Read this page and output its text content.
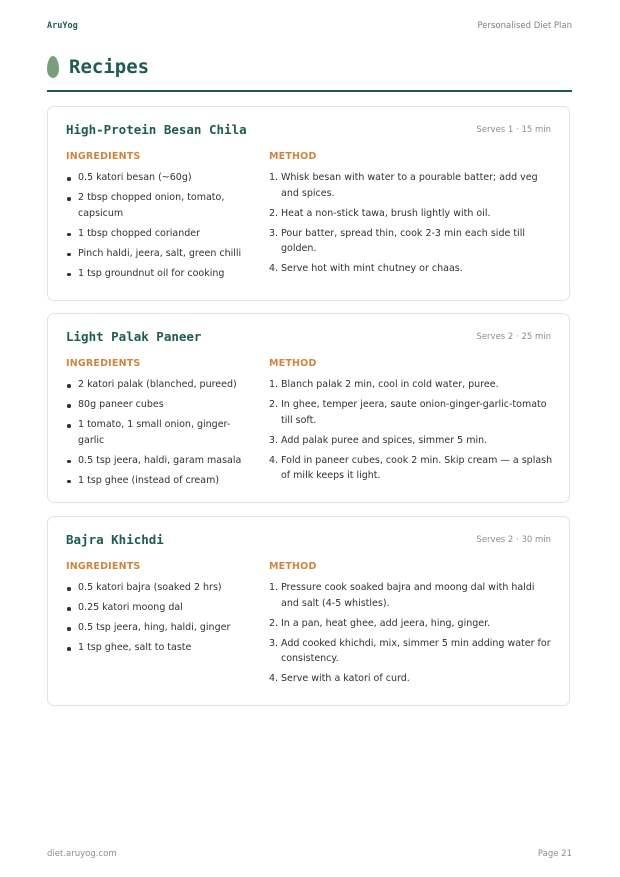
AruYog	Personalised Diet Plan
Recipes
High-Protein Besan Chila	Serves 1 · 15 min
INGREDIENTS
0.5 katori besan (~60g)
2 tbsp chopped onion, tomato, capsicum
1 tbsp chopped coriander
Pinch haldi, jeera, salt, green chilli
1 tsp groundnut oil for cooking
METHOD
1. Whisk besan with water to a pourable batter; add veg and spices.
2. Heat a non-stick tawa, brush lightly with oil.
3. Pour batter, spread thin, cook 2-3 min each side till golden.
4. Serve hot with mint chutney or chaas.
Light Palak Paneer	Serves 2 · 25 min
INGREDIENTS
2 katori palak (blanched, pureed)
80g paneer cubes
1 tomato, 1 small onion, ginger-garlic
0.5 tsp jeera, haldi, garam masala
1 tsp ghee (instead of cream)
METHOD
1. Blanch palak 2 min, cool in cold water, puree.
2. In ghee, temper jeera, saute onion-ginger-garlic-tomato till soft.
3. Add palak puree and spices, simmer 5 min.
4. Fold in paneer cubes, cook 2 min. Skip cream — a splash of milk keeps it light.
Bajra Khichdi	Serves 2 · 30 min
INGREDIENTS
0.5 katori bajra (soaked 2 hrs)
0.25 katori moong dal
0.5 tsp jeera, hing, haldi, ginger
1 tsp ghee, salt to taste
METHOD
1. Pressure cook soaked bajra and moong dal with haldi and salt (4-5 whistles).
2. In a pan, heat ghee, add jeera, hing, ginger.
3. Add cooked khichdi, mix, simmer 5 min adding water for consistency.
4. Serve with a katori of curd.
diet.aruyog.com	Page 21
